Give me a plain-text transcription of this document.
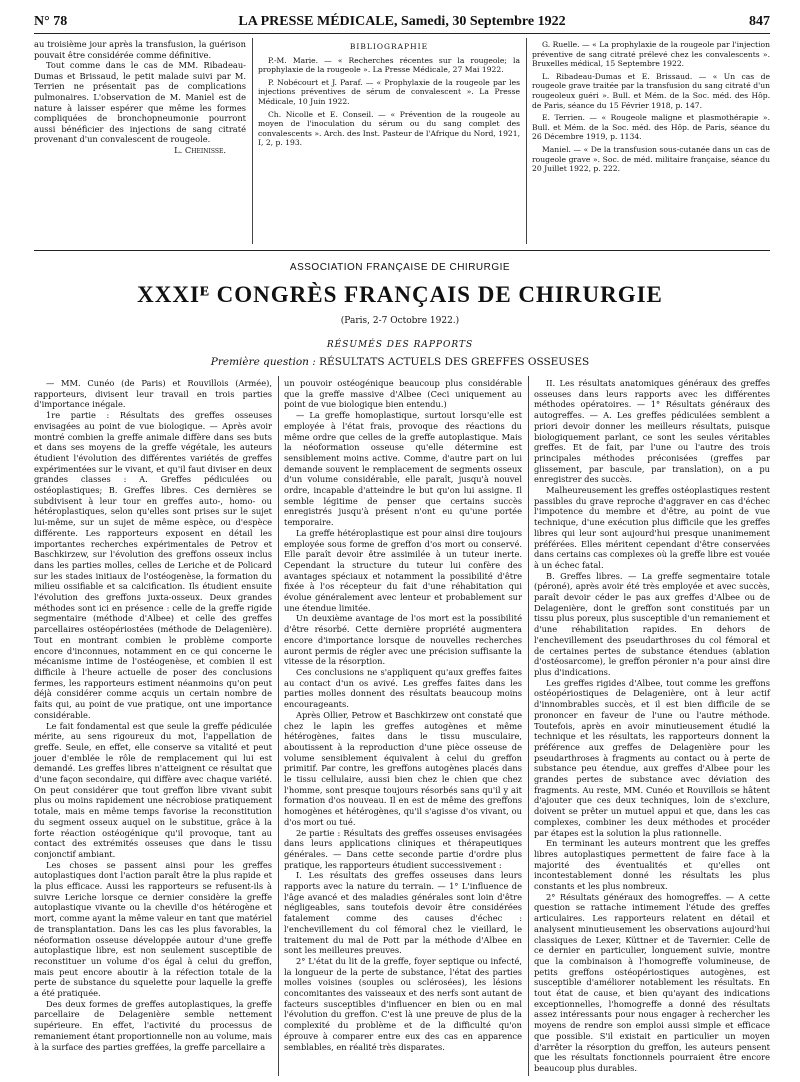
N° 78	LA PRESSE MÉDICALE, Samedi, 30 Septembre 1922	847

au troisième jour après la transfusion, la guérison pouvait être considérée comme définitive.

Tout comme dans le cas de MM. Ribadeau-Dumas et Brissaud, le petit malade suivi par M. Terrien ne présentait pas de complications pulmonaires. L'observation de M. Maniel est de nature à laisser espérer que même les formes compliquées de bronchopneumonie pourront aussi bénéficier des injections de sang citraté provenant d'un convalescent de rougeole.

L. Cheinisse.
BIBLIOGRAPHIE

P.-M. Marie. — « Recherches récentes sur la rougeole; la prophylaxie de la rougeole ». La Presse Médicale, 27 Mai 1922.

P. Nobécourt et J. Paraf. — « Prophylaxie de la rougeole par les injections préventives de sérum de convalescent ». La Presse Médicale, 10 Juin 1922.

Ch. Nicolle et E. Conseil. — « Prévention de la rougeole au moyen de l'inoculation du sérum ou du sang complet des convalescents ». Arch. des Inst. Pasteur de l'Afrique du Nord, 1921, I, 2, p. 193.

G. Ruelle. — « La prophylaxie de la rougeole par l'injection préventive de sang citraté prélevé chez les convalescents ». Bruxelles médical, 15 Septembre 1922.

L. Ribadeau-Dumas et E. Brissaud. — « Un cas de rougeole grave traitée par la transfusion du sang citraté d'un rougeoleux guéri ». Bull. et Mém. de la Soc. méd. des Hôp. de Paris, séance du 15 Février 1918, p. 147.

E. Terrien. — « Rougeole maligne et plasmothérapie ». Bull. et Mém. de la Soc. méd. des Hôp. de Paris, séance du 26 Décembre 1919, p. 1134.

Maniel. — « De la transfusion sous-cutanée dans un cas de rougeole grave ». Soc. de méd. militaire française, séance du 20 Juillet 1922, p. 222.

ASSOCIATION FRANÇAISE DE CHIRURGIE
XXXIᴱ CONGRÈS FRANÇAIS DE CHIRURGIE
(Paris, 2-7 Octobre 1922.)
RÉSUMÉS DES RAPPORTS
Première question : RÉSULTATS ACTUELS DES GREFFES OSSEUSES

— MM. Cunéo (de Paris) et Rouvillois (Armée), rapporteurs, divisent leur travail en trois parties d'importance inégale.

1re partie : Résultats des greffes osseuses envisagées au point de vue biologique. — Après avoir montré combien la greffe animale diffère dans ses buts et dans ses moyens de la greffe végétale, les auteurs étudient l'évolution des différentes variétés de greffes expérimentées sur le vivant, et qu'il faut diviser en deux grandes classes : A. Greffes pédiculées ou ostéoplastiques; B. Greffes libres. Ces dernières se subdivisent à leur tour en greffes auto-, homo- ou hétéroplastiques, selon qu'elles sont prises sur le sujet lui-même, sur un sujet de même espèce, ou d'espèce différente. Les rapporteurs exposent en détail les importantes recherches expérimentales de Petrov et Baschkirzew, sur l'évolution des greffons osseux inclus dans les parties molles, celles de Leriche et de Policard sur les stades initiaux de l'ostéogenèse, la formation du milieu ossifiable et sa calcification. Ils étudient ensuite l'évolution des greffons juxta-osseux. Deux grandes méthodes sont ici en présence : celle de la greffe rigide segmentaire (méthode d'Albee) et celle des greffes parcellaires ostéopériostées (méthode de Delagenière). Tout en montrant combien le problème comporte encore d'inconnues, notamment en ce qui concerne le mécanisme intime de l'ostéogenèse, et combien il est difficile à l'heure actuelle de poser des conclusions fermes, les rapporteurs estiment néanmoins qu'on peut déjà considérer comme acquis un certain nombre de faits qui, au point de vue pratique, ont une importance considérable.

Le fait fondamental est que seule la greffe pédiculée mérite, au sens rigoureux du mot, l'appellation de greffe. Seule, en effet, elle conserve sa vitalité et peut jouer d'emblée le rôle de remplacement qui lui est demandé. Les greffes libres n'atteignent ce résultat que d'une façon secondaire, qui diffère avec chaque variété. On peut considérer que tout greffon libre vivant subit plus ou moins rapidement une nécrobiose pratiquement totale, mais en même temps favorise la reconstitution du segment osseux auquel on le substitue, grâce à la forte réaction ostéogénique qu'il provoque, tant au contact des extrémités osseuses que dans le tissu conjonctif ambiant.

Les choses se passent ainsi pour les greffes autoplastiques dont l'action paraît être la plus rapide et la plus efficace. Aussi les rapporteurs se refusent-ils à suivre Leriche lorsque ce dernier considère la greffe autoplastique vivante ou la cheville d'os hétérogène et mort, comme ayant la même valeur en tant que matériel de transplantation. Dans les cas les plus favorables, la néoformation osseuse développée autour d'une greffe autoplastique libre, est non seulement susceptible de reconstituer un volume d'os égal à celui du greffon, mais peut encore aboutir à la réfection totale de la perte de substance du squelette pour laquelle la greffe a été pratiquée.

Des deux formes de greffes autoplastiques, la greffe parcellaire de Delagenière semble nettement supérieure. En effet, l'activité du processus de remaniement étant proportionnelle non au volume, mais à la surface des parties greffées, la greffe parcellaire a

un pouvoir ostéogénique beaucoup plus considérable que la greffe massive d'Albee (Ceci uniquement au point de vue biologique bien entendu.)

— La greffe homoplastique, surtout lorsqu'elle est employée à l'état frais, provoque des réactions du même ordre que celles de la greffe autoplastique. Mais la néoformation osseuse qu'elle détermine est sensiblement moins active. Comme, d'autre part on lui demande souvent le remplacement de segments osseux d'un volume considérable, elle paraît, jusqu'à nouvel ordre, incapable d'atteindre le but qu'on lui assigne. Il semble légitime de penser que certains succès enregistrés jusqu'à présent n'ont eu qu'une portée temporaire.

La greffe hétéroplastique est pour ainsi dire toujours employée sous forme de greffon d'os mort ou conservé. Elle paraît devoir être assimilée à un tuteur inerte. Cependant la structure du tuteur lui confère des avantages spéciaux et notamment la possibilité d'être fixée à l'os récepteur du fait d'une réhabitation qui évolue généralement avec lenteur et probablement sur une étendue limitée.

Un deuxième avantage de l'os mort est la possibilité d'être résorbé. Cette dernière propriété augmentera encore d'importance lorsque de nouvelles recherches auront permis de régler avec une précision suffisante la vitesse de la résorption.

Ces conclusions ne s'appliquent qu'aux greffes faites au contact d'un os avivé. Les greffes faites dans les parties molles donnent des résultats beaucoup moins encourageants.

Après Ollier, Petrow et Baschkirzew ont constaté que chez le lapin les greffes autogènes et même hétérogènes, faites dans le tissu musculaire, aboutissent à la reproduction d'une pièce osseuse de volume sensiblement équivalent à celui du greffon primitif. Par contre, les greffons autogènes placés dans le tissu cellulaire, aussi bien chez le chien que chez l'homme, sont presque toujours résorbés sans qu'il y ait formation d'os nouveau. Il en est de même des greffons homogènes et hétérogènes, qu'il s'agisse d'os vivant, ou d'os mort ou tué.

2e partie : Résultats des greffes osseuses envisagées dans leurs applications cliniques et thérapeutiques générales. — Dans cette seconde partie d'ordre plus pratique, les rapporteurs étudient successivement :

I. Les résultats des greffes osseuses dans leurs rapports avec la nature du terrain. — 1° L'influence de l'âge avancé et des maladies générales sont loin d'être négligeables, sans toutefois devoir être considérées fatalement comme des causes d'échec : l'enchevillement du col fémoral chez le vieillard, le traitement du mal de Pott par la méthode d'Albee en sont les meilleures preuves.

2° L'état du lit de la greffe, foyer septique ou infecté, la longueur de la perte de substance, l'état des parties molles voisines (souples ou sclérosées), les lésions concomitantes des vaisseaux et des nerfs sont autant de facteurs susceptibles d'influencer en bien ou en mal l'évolution du greffon. C'est là une preuve de plus de la complexité du problème et de la difficulté qu'on éprouve à comparer entre eux des cas en apparence semblables, en réalité très disparates.

II. Les résultats anatomiques généraux des greffes osseuses dans leurs rapports avec les différentes méthodes opératoires. — 1° Résultats généraux des autogreffes. — A. Les greffes pédiculées semblent a priori devoir donner les meilleurs résultats, puisque biologiquement parlant, ce sont les seules véritables greffes. Et de fait, par l'une ou l'autre des trois principales méthodes préconisées (greffes par glissement, par bascule, par translation), on a pu enregistrer des succès.

Malheureusement les greffes ostéoplastiques restent passibles du grave reproche d'aggraver en cas d'échec l'impotence du membre et d'être, au point de vue technique, d'une exécution plus difficile que les greffes libres qui leur sont aujourd'hui presque unanimement préférées. Elles méritent cependant d'être conservées dans certains cas complexes où la greffe libre est vouée à un échec fatal.

B. Greffes libres. — La greffe segmentaire totale (péroné), après avoir été très employée et avec succès, paraît devoir céder le pas aux greffes d'Albee ou de Delagenière, dont le greffon sont constitués par un tissu plus poreux, plus susceptible d'un remaniement et d'une réhabilitation rapides. En dehors de l'enchevillement des pseudarthroses du col fémoral et de certaines pertes de substance étendues (ablation d'ostéosarcome), le greffon péronier n'a pour ainsi dire plus d'indications.

Les greffes rigides d'Albee, tout comme les greffons ostéopériostiques de Delagenière, ont à leur actif d'innombrables succès, et il est bien difficile de se prononcer en faveur de l'une ou l'autre méthode. Toutefois, après en avoir minutieusement étudié la technique et les résultats, les rapporteurs donnent la préférence aux greffes de Delagenière pour les pseudarthroses à fragments au contact ou à perte de substance peu étendue, aux greffes d'Albee pour les grandes pertes de substance avec déviation des fragments. Au reste, MM. Cunéo et Rouvillois se hâtent d'ajouter que ces deux techniques, loin de s'exclure, doivent se prêter un mutuel appui et que, dans les cas complexes, combiner les deux méthodes et procéder par étapes est la solution la plus rationnelle.

En terminant les auteurs montrent que les greffes libres autoplastiques permettent de faire face à la majorité des éventualités et qu'elles ont incontestablement donné les résultats les plus constants et les plus nombreux.

2° Résultats généraux des homogreffes. — A cette question se rattache intimement l'étude des greffes articulaires. Les rapporteurs relatent en détail et analysent minutieusement les observations aujourd'hui classiques de Lexer, Küttner et de Tavernier. Celle de ce dernier en particulier, longuement suivie, montre que la combinaison à l'homogreffe volumineuse, de petits greffons ostéopériostiques autogènes, est susceptible d'améliorer notablement les résultats. En tout état de cause, et bien qu'ayant des indications exceptionnelles, l'homogreffe a donné des résultats assez intéressants pour nous engager à rechercher les moyens de rendre son emploi aussi simple et efficace que possible. S'il existait en particulier un moyen d'arrêter la résorption du greffon, les auteurs pensent que les résultats fonctionnels pourraient être encore beaucoup plus durables.
